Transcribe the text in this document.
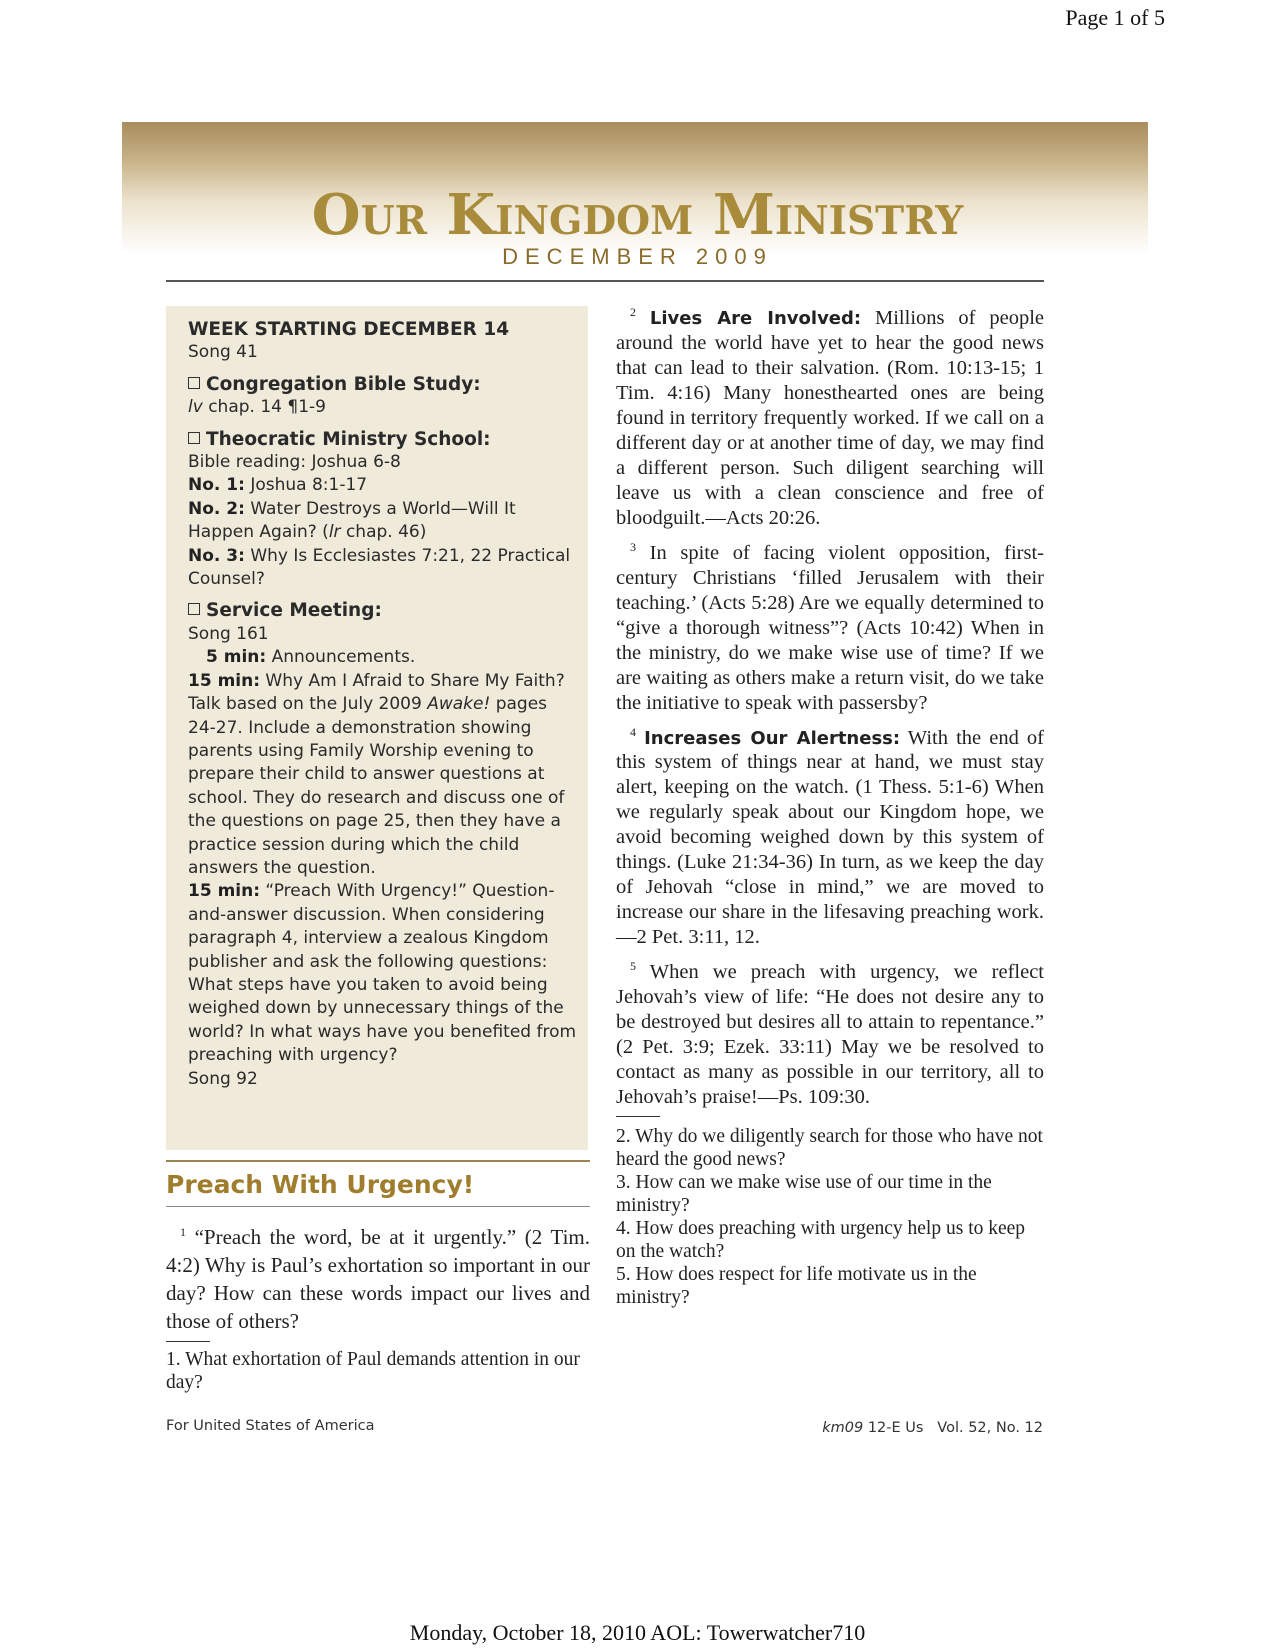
Page 1 of 5
Our Kingdom Ministry
DECEMBER 2009

WEEK STARTING DECEMBER 14

Song 41

Congregation Bible Study:

lv chap. 14 ¶1-9

Theocratic Ministry School:

Bible reading: Joshua 6-8

No. 1: Joshua 8:1-17

No. 2: Water Destroys a World—Will It Happen Again? (lr chap. 46)

No. 3: Why Is Ecclesiastes 7:21, 22 Practical Counsel?

Service Meeting:

Song 161

5 min: Announcements.

15 min: Why Am I Afraid to Share My Faith? Talk based on the July 2009 Awake! pages 24-27. Include a demonstration showing parents using Family Worship evening to prepare their child to answer questions at school. They do research and discuss one of the questions on page 25, then they have a practice session during which the child answers the question.

15 min: “Preach With Urgency!” Question-and-answer discussion. When considering paragraph 4, interview a zealous Kingdom publisher and ask the following questions: What steps have you taken to avoid being weighed down by unnecessary things of the world? In what ways have you benefited from preaching with urgency?

Song 92

Preach With Urgency!

$^1$ “Preach the word, be at it urgently.” (2 Tim. 4:2) Why is Paul’s exhortation so important in our day? How can these words impact our lives and those of others?

1. What exhortation of Paul demands attention in our day?

$^2$ Lives Are Involved: Millions of people around the world have yet to hear the good news that can lead to their salvation. (Rom. 10:13-15; 1 Tim. 4:16) Many honesthearted ones are being found in territory frequently worked. If we call on a different day or at another time of day, we may find a different person. Such diligent searching will leave us with a clean conscience and free of bloodguilt.—Acts 20:26.

$^3$ In spite of facing violent opposition, first-century Christians ‘filled Jerusalem with their teaching.’ (Acts 5:28) Are we equally determined to “give a thorough witness”? (Acts 10:42) When in the ministry, do we make wise use of time? If we are waiting as others make a return visit, do we take the initiative to speak with passersby?

$^4$ Increases Our Alertness: With the end of this system of things near at hand, we must stay alert, keeping on the watch. (1 Thess. 5:1-6) When we regularly speak about our Kingdom hope, we avoid becoming weighed down by this system of things. (Luke 21:34-36) In turn, as we keep the day of Jehovah “close in mind,” we are moved to increase our share in the lifesaving preaching work.—2 Pet. 3:11, 12.

$^5$ When we preach with urgency, we reflect Jehovah’s view of life: “He does not desire any to be destroyed but desires all to attain to repentance.” (2 Pet. 3:9; Ezek. 33:11) May we be resolved to contact as many as possible in our territory, all to Jehovah’s praise!—Ps. 109:30.

2. Why do we diligently search for those who have not heard the good news?

3. How can we make wise use of our time in the ministry?

4. How does preaching with urgency help us to keep on the watch?

5. How does respect for life motivate us in the ministry?

For United States of America	km09 12-E Us   Vol. 52, No. 12
Monday, October 18, 2010 AOL: Towerwatcher710
